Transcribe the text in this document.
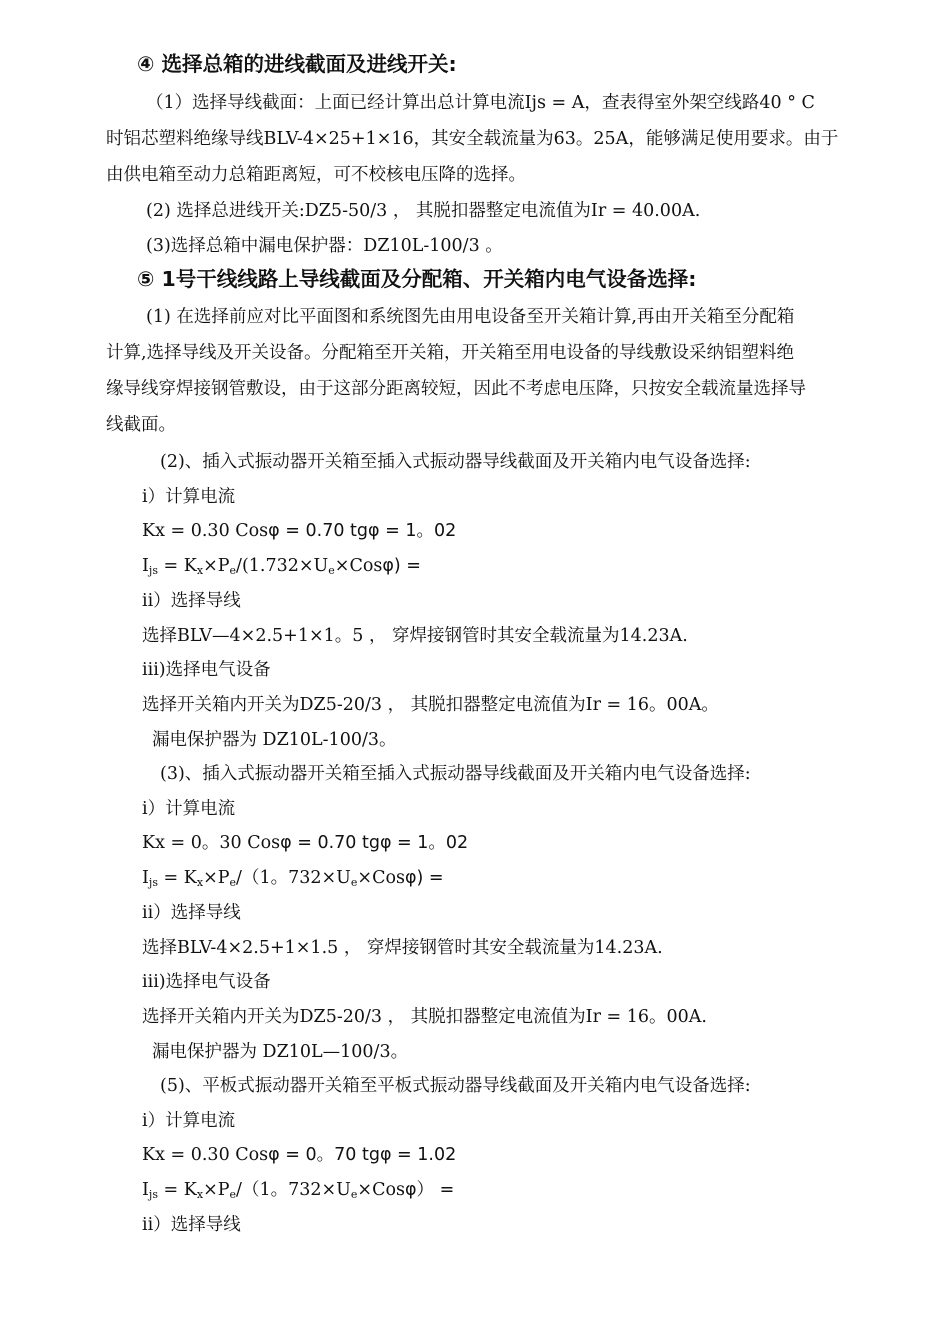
④ 选择总箱的进线截面及进线开关:
（1）选择导线截面：上面已经计算出总计算电流Ijs = A，查表得室外架空线路40 ° C
时铝芯塑料绝缘导线BLV-4×25+1×16，其安全载流量为63。25A，能够满足使用要求。由于
由供电箱至动力总箱距离短，可不校核电压降的选择。
(2) 选择总进线开关:DZ5-50/3 ， 其脱扣器整定电流值为Ir = 40.00A.
(3)选择总箱中漏电保护器：DZ10L-100/3 。
⑤ 1号干线线路上导线截面及分配箱、开关箱内电气设备选择:
(1) 在选择前应对比平面图和系统图先由用电设备至开关箱计算,再由开关箱至分配箱
计算,选择导线及开关设备。分配箱至开关箱，开关箱至用电设备的导线敷设采纳铝塑料绝
缘导线穿焊接钢管敷设，由于这部分距离较短，因此不考虑电压降，只按安全载流量选择导
线截面。
(2)、插入式振动器开关箱至插入式振动器导线截面及开关箱内电气设备选择:
i）计算电流
Kx = 0.30 Cosφ = 0.70 tgφ = 1。02
$I_{js} = K_x\times P_e/(1.732\times U_e\times Cos\varphi)$ =
ii）选择导线
选择BLV—4×2.5+1×1。5 ， 穿焊接钢管时其安全载流量为14.23A.
iii)选择电气设备
选择开关箱内开关为DZ5-20/3 ， 其脱扣器整定电流值为Ir = 16。00A。
漏电保护器为 DZ10L-100/3。
(3)、插入式振动器开关箱至插入式振动器导线截面及开关箱内电气设备选择:
i）计算电流
Kx = 0。30 Cosφ = 0.70 tgφ = 1。02
$I_{js} = K_x\times P_e/(1$。$732\times U_e\times Cos\varphi$) =
ii）选择导线
选择BLV-4×2.5+1×1.5 ， 穿焊接钢管时其安全载流量为14.23A.
iii)选择电气设备
选择开关箱内开关为DZ5-20/3 ， 其脱扣器整定电流值为Ir = 16。00A.
漏电保护器为 DZ10L—100/3。
(5)、平板式振动器开关箱至平板式振动器导线截面及开关箱内电气设备选择:
i）计算电流
Kx = 0.30 Cosφ = 0。70 tgφ = 1.02
$I_{js} = K_x\times P_e/(1$。$732\times U_e\times Cos\varphi$） =
ii）选择导线
